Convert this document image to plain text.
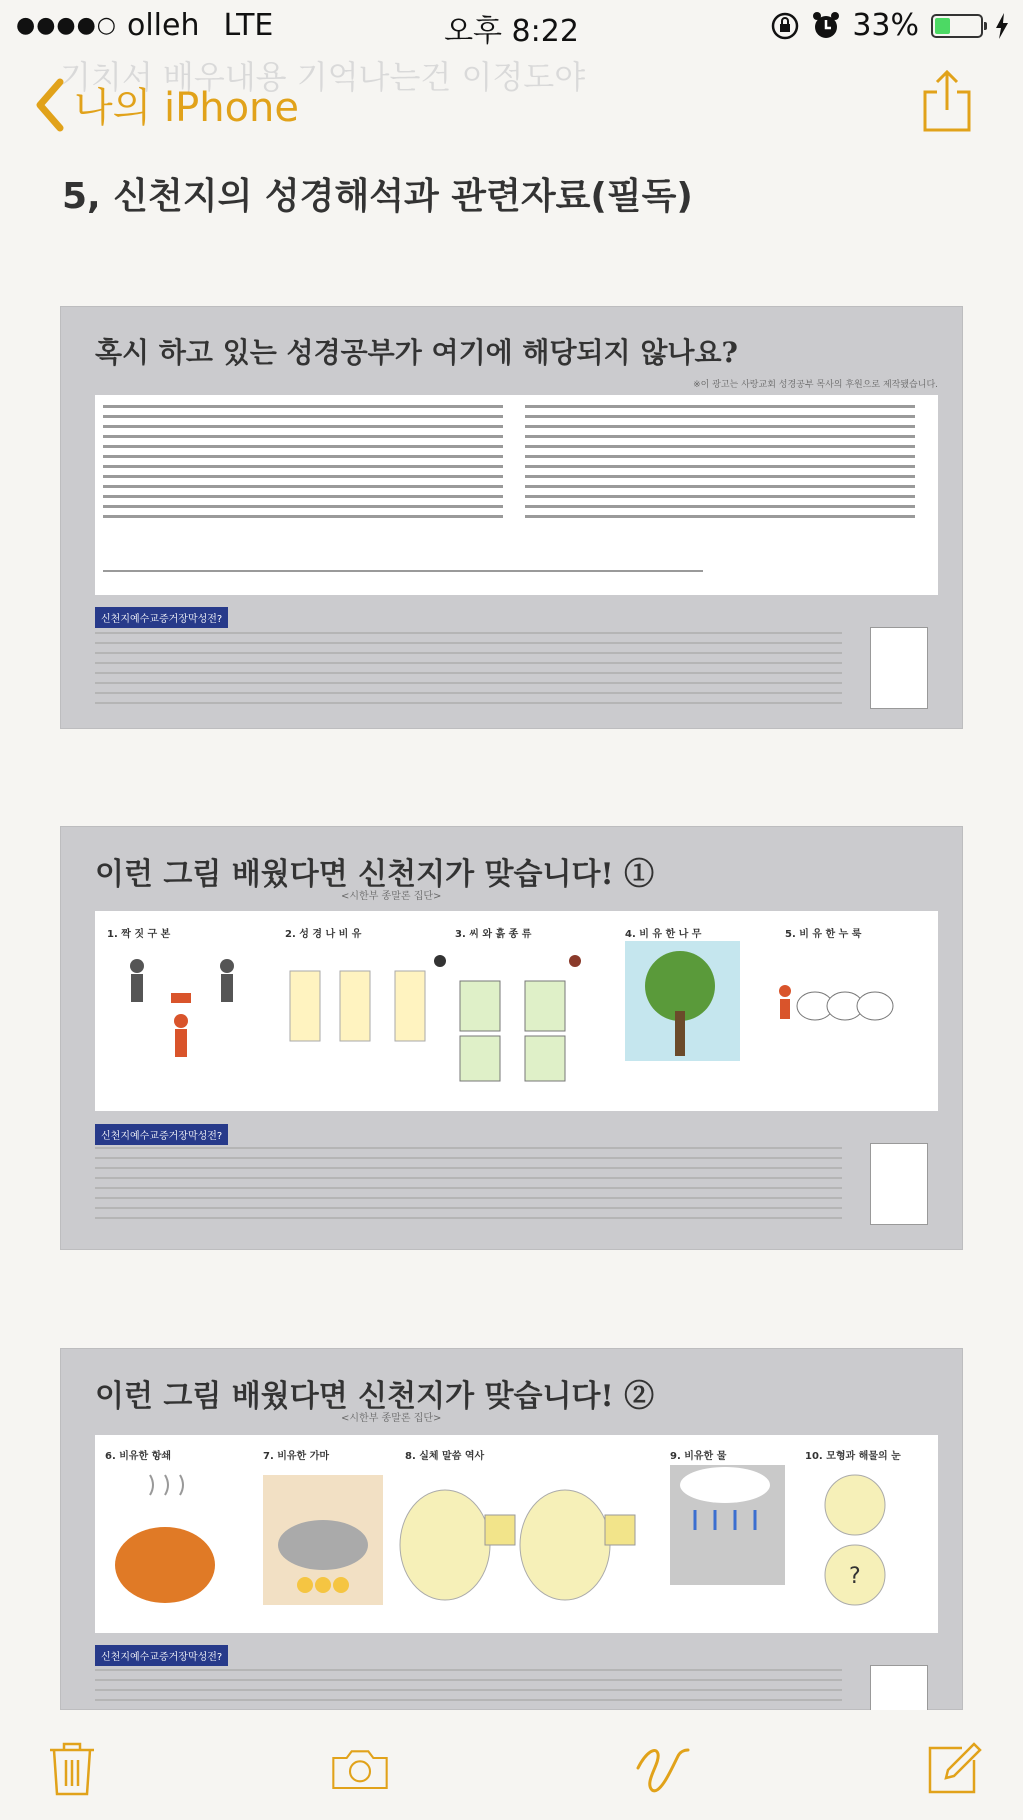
●●●●○ olleh LTE	오후 8:22	33%
기치서 배우내용 기억나는건 이정도야
나의 iPhone
5, 신천지의 성경해석과 관련자료(필독)
혹시 하고 있는 성경공부가 여기에 해당되지 않나요?
※이 광고는 사랑교회 성경공부 목사의 후원으로 제작됐습니다.
신천지예수교증거장막성전?
이런 그림 배웠다면 신천지가 맞습니다! ①
<시한부 종말론 집단>
1. 짝 짓 구 본	2. 성 경 나 비 유	3. 씨 와 흙 종 류	4. 비 유 한 나 무	5. 비 유 한 누 룩
신천지예수교증거장막성전?
이런 그림 배웠다면 신천지가 맞습니다! ②
<시한부 종말론 집단>
?
6. 비유한 항쇄	7. 비유한 가마	8. 실체 말씀 역사	9. 비유한 물	10. 모형과 해물의 눈
신천지예수교증거장막성전?
